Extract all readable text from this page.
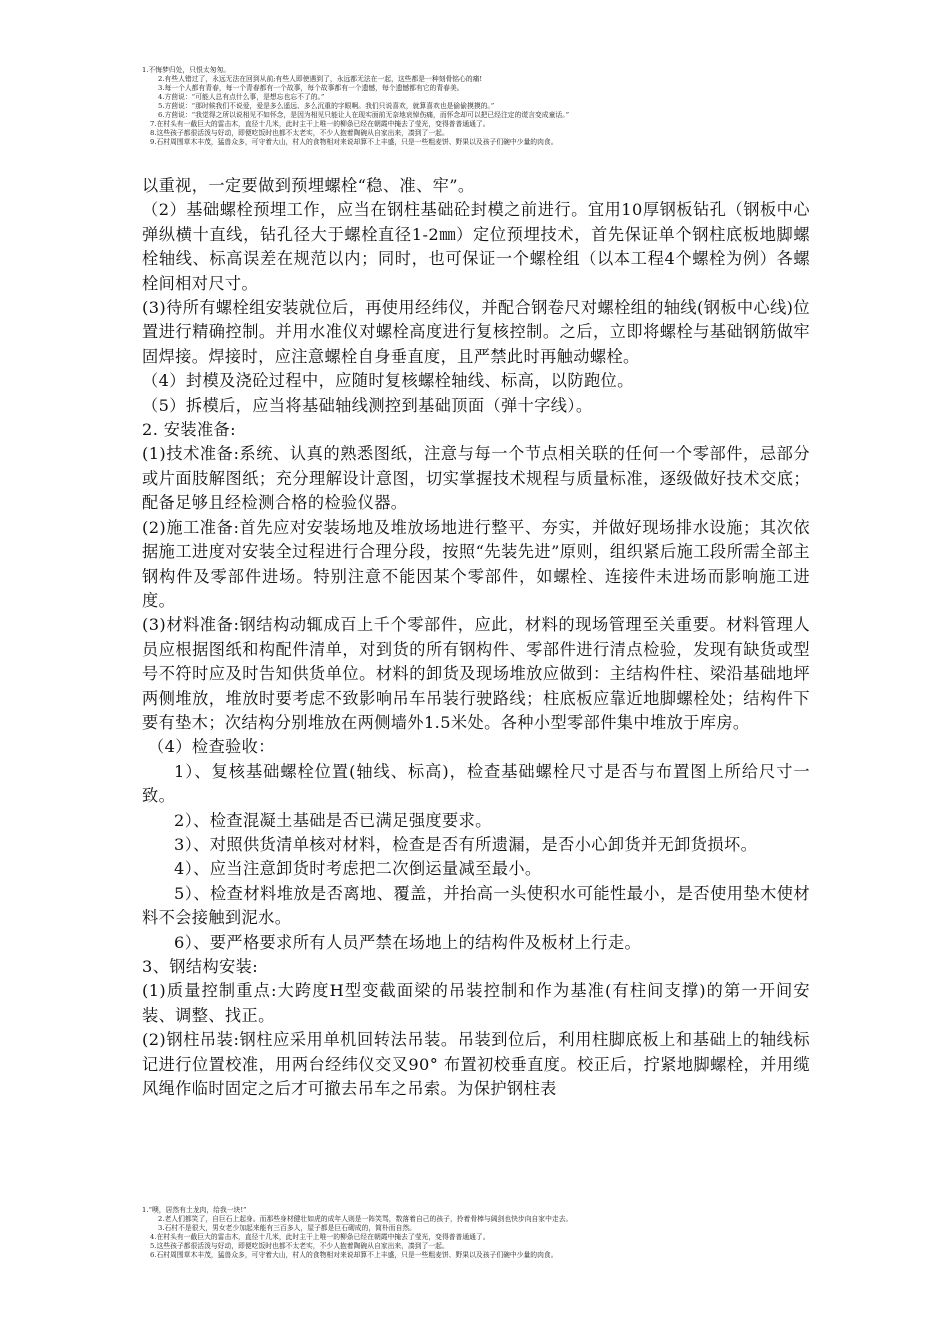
1.不悔梦归处，只恨太匆匆。
2.有些人错过了，永远无法在回到从前;有些人即使遇到了，永远都无法在一起，这些都是一种刻骨铭心的痛!
3.每一个人都有青春，每一个青春都有一个故事，每个故事都有一个遗憾，每个遗憾都有它的青春美。
4.方茴说：“可能人总有点什么事，是想忘也忘不了的。”
5.方茴说：“那时候我们不说爱，爱是多么遥远、多么沉重的字眼啊。我们只说喜欢，就算喜欢也是偷偷摸摸的。”
6.方茴说：“我觉得之所以说相见不如怀念，是因为相见只能让人在现实面前无奈地哀悼伤痛，而怀念却可以把已经注定的谎言变成童话。”
7.在村头有一截巨大的雷击木，直径十几米，此时主干上唯一的柳条已经在朝霞中掩去了莹光，变得普普通通了。
8.这些孩子都很活泼与好动，即便吃饭时也都不太老实，不少人抱着陶碗从自家出来，凑到了一起。
9.石村周围草木丰茂，猛兽众多，可守着大山，村人的食物相对来说却算不上丰盛，只是一些粗麦饼、野果以及孩子们碗中少量的肉食。

以重视，一定要做到预埋螺栓“稳、准、牢”。

（2）基础螺栓预埋工作，应当在钢柱基础砼封模之前进行。宜用10厚钢板钻孔（钢板中心弹纵横十直线，钻孔径大于螺栓直径1-2㎜）定位预埋技术，首先保证单个钢柱底板地脚螺栓轴线、标高误差在规范以内；同时，也可保证一个螺栓组（以本工程4个螺栓为例）各螺栓间相对尺寸。

(3)待所有螺栓组安装就位后，再使用经纬仪，并配合钢卷尺对螺栓组的轴线(钢板中心线)位置进行精确控制。并用水准仪对螺栓高度进行复核控制。之后，立即将螺栓与基础钢筋做牢固焊接。焊接时，应注意螺栓自身垂直度，且严禁此时再触动螺栓。

（4）封模及浇砼过程中，应随时复核螺栓轴线、标高，以防跑位。

（5）拆模后，应当将基础轴线测控到基础顶面（弹十字线）。

2. 安装准备:

(1)技术准备:系统、认真的熟悉图纸，注意与每一个节点相关联的任何一个零部件，忌部分或片面肢解图纸；充分理解设计意图，切实掌握技术规程与质量标准，逐级做好技术交底；配备足够且经检测合格的检验仪器。

(2)施工准备:首先应对安装场地及堆放场地进行整平、夯实，并做好现场排水设施；其次依据施工进度对安装全过程进行合理分段，按照“先装先进”原则，组织紧后施工段所需全部主钢构件及零部件进场。特别注意不能因某个零部件，如螺栓、连接件未进场而影响施工进度。

(3)材料准备:钢结构动辄成百上千个零部件，应此，材料的现场管理至关重要。材料管理人员应根据图纸和构配件清单，对到货的所有钢构件、零部件进行清点检验，发现有缺货或型号不符时应及时告知供货单位。材料的卸货及现场堆放应做到：主结构件柱、梁沿基础地坪两侧堆放，堆放时要考虑不致影响吊车吊装行驶路线；柱底板应靠近地脚螺栓处；结构件下要有垫木；次结构分别堆放在两侧墙外1.5米处。各种小型零部件集中堆放于库房。

（4）检查验收：

1）、复核基础螺栓位置(轴线、标高)，检查基础螺栓尺寸是否与布置图上所给尺寸一致。

2）、检查混凝土基础是否已满足强度要求。

3）、对照供货清单核对材料，检查是否有所遗漏，是否小心卸货并无卸货损坏。

4）、应当注意卸货时考虑把二次倒运量减至最小。

5）、检查材料堆放是否离地、覆盖，并抬高一头使积水可能性最小，是否使用垫木使材料不会接触到泥水。

6）、要严格要求所有人员严禁在场地上的结构件及板材上行走。

3、钢结构安装:

(1)质量控制重点:大跨度H型变截面梁的吊装控制和作为基准(有柱间支撑)的第一开间安装、调整、找正。

(2)钢柱吊装:钢柱应采用单机回转法吊装。吊装到位后，利用柱脚底板上和基础上的轴线标记进行位置校准，用两台经纬仪交叉90° 布置初校垂直度。校正后，拧紧地脚螺栓，并用缆风绳作临时固定之后才可撤去吊车之吊索。为保护钢柱表

1.“噢，居然有土龙肉，给我一块!”
2.老人们都笑了，自巨石上起身。而那些身材健壮如虎的成年人则是一阵笑骂，数落着自己的孩子，拎着骨棒与阔剑也快步向自家中走去。
3.石村不是很大，男女老少加起来能有三百多人，屋子都是巨石砌成的，简朴而自然。
4.在村头有一截巨大的雷击木，直径十几米，此时主干上唯一的柳条已经在朝霞中掩去了莹光，变得普普通通了。
5.这些孩子都很活泼与好动，即便吃饭时也都不太老实，不少人抱着陶碗从自家出来，凑到了一起。
6.石村周围草木丰茂，猛兽众多，可守着大山，村人的食物相对来说却算不上丰盛，只是一些粗麦饼、野果以及孩子们碗中少量的肉食。
